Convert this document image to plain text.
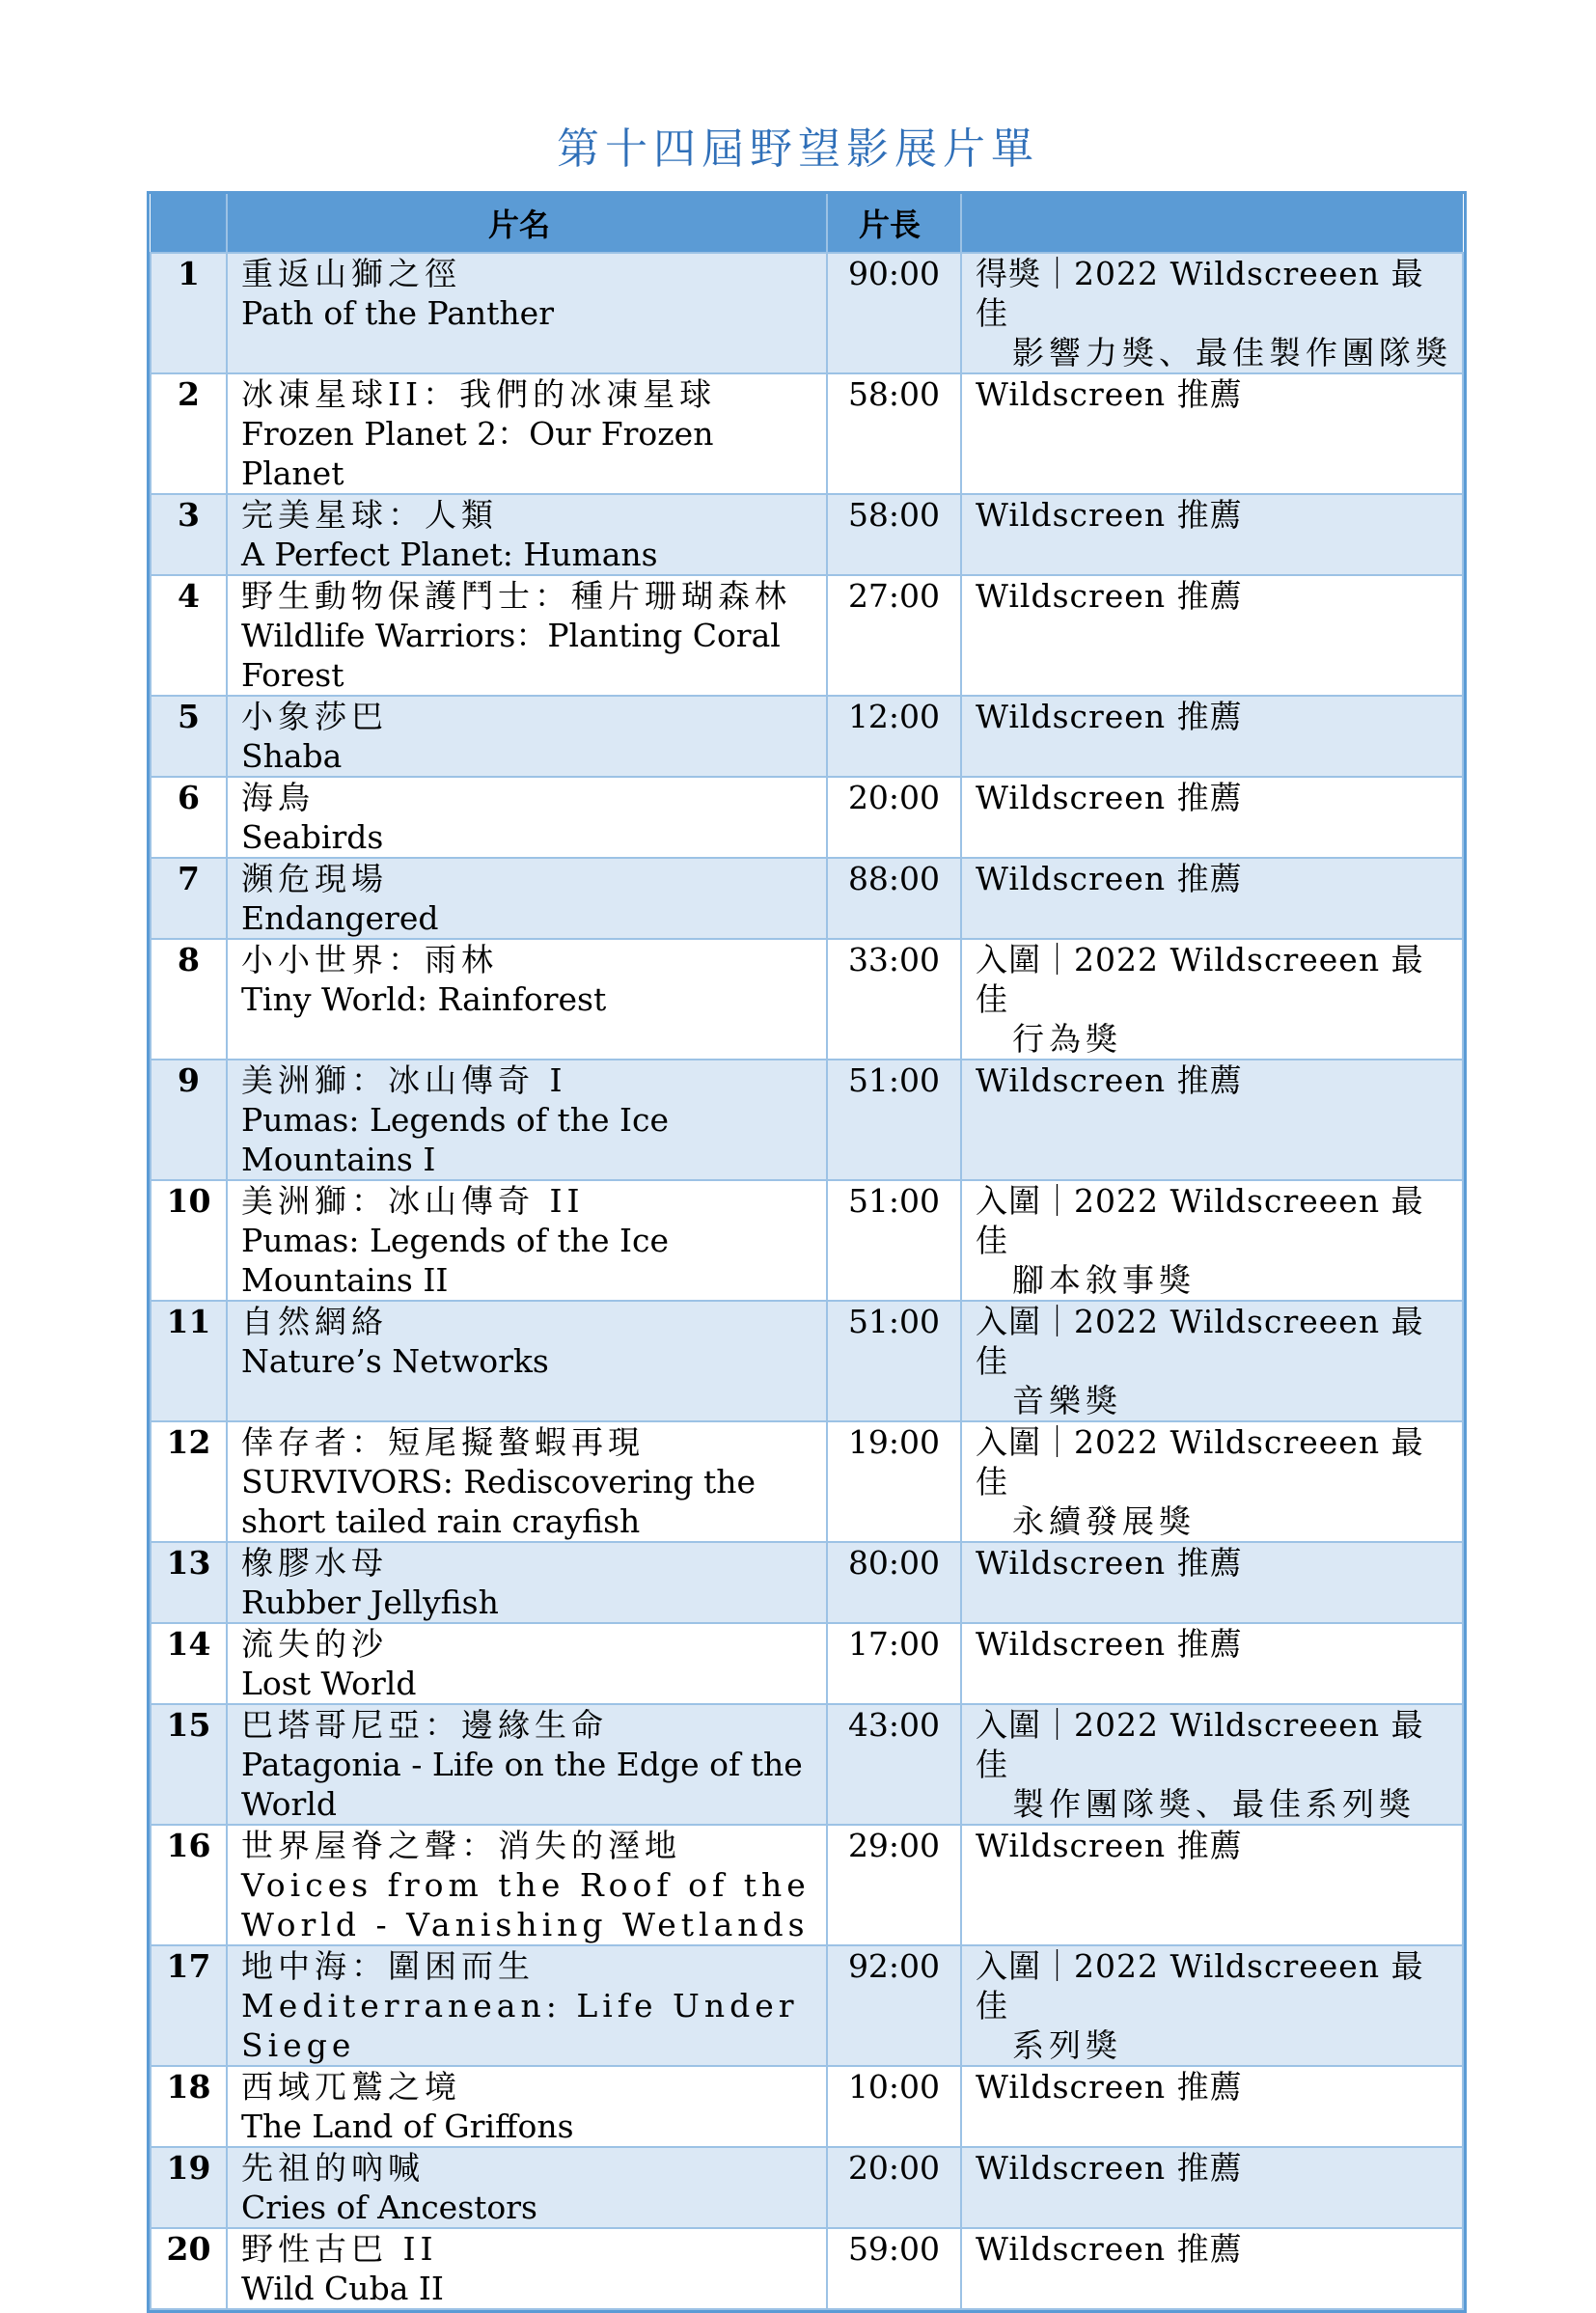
第十四屆野望影展片單
	片名	片長	
1	重返山獅之徑
Path of the Panther	90:00	得獎｜2022 Wildscreeen 最佳
影響力獎、最佳製作團隊獎

2	冰凍星球II：我們的冰凍星球
Frozen Planet 2：Our Frozen Planet	58:00	Wildscreen 推薦

3	完美星球：人類
A Perfect Planet: Humans	58:00	Wildscreen 推薦

4	野生動物保護鬥士：種片珊瑚森林
Wildlife Warriors：Planting Coral Forest	27:00	Wildscreen 推薦

5	小象莎巴
Shaba	12:00	Wildscreen 推薦

6	海鳥
Seabirds	20:00	Wildscreen 推薦

7	瀕危現場
Endangered	88:00	Wildscreen 推薦

8	小小世界：雨林
Tiny World: Rainforest	33:00	入圍｜2022 Wildscreeen 最佳
行為獎

9	美洲獅：冰山傳奇 I
Pumas: Legends of the Ice Mountains I	51:00	Wildscreen 推薦

10	美洲獅：冰山傳奇 II
Pumas: Legends of the Ice Mountains II	51:00	入圍｜2022 Wildscreeen 最佳
腳本敘事獎

11	自然網絡
Nature’s Networks	51:00	入圍｜2022 Wildscreeen 最佳
音樂獎

12	倖存者：短尾擬螯蝦再現
SURVIVORS: Rediscovering the short tailed rain crayfish	19:00	入圍｜2022 Wildscreeen 最佳
永續發展獎

13	橡膠水母
Rubber Jellyfish	80:00	Wildscreen 推薦

14	流失的沙
Lost World	17:00	Wildscreen 推薦

15	巴塔哥尼亞：邊緣生命
Patagonia - Life on the Edge of the World	43:00	入圍｜2022 Wildscreeen 最佳
製作團隊獎、最佳系列獎

16	世界屋脊之聲：消失的溼地 Voices from the Roof of the World - Vanishing Wetlands	29:00	Wildscreen 推薦

17	地中海：圍困而生 Mediterranean: Life Under Siege	92:00	入圍｜2022 Wildscreeen 最佳
系列獎

18	西域兀鷲之境
The Land of Griffons	10:00	Wildscreen 推薦

19	先祖的吶喊
Cries of Ancestors	20:00	Wildscreen 推薦

20	野性古巴 II
Wild Cuba II	59:00	Wildscreen 推薦
